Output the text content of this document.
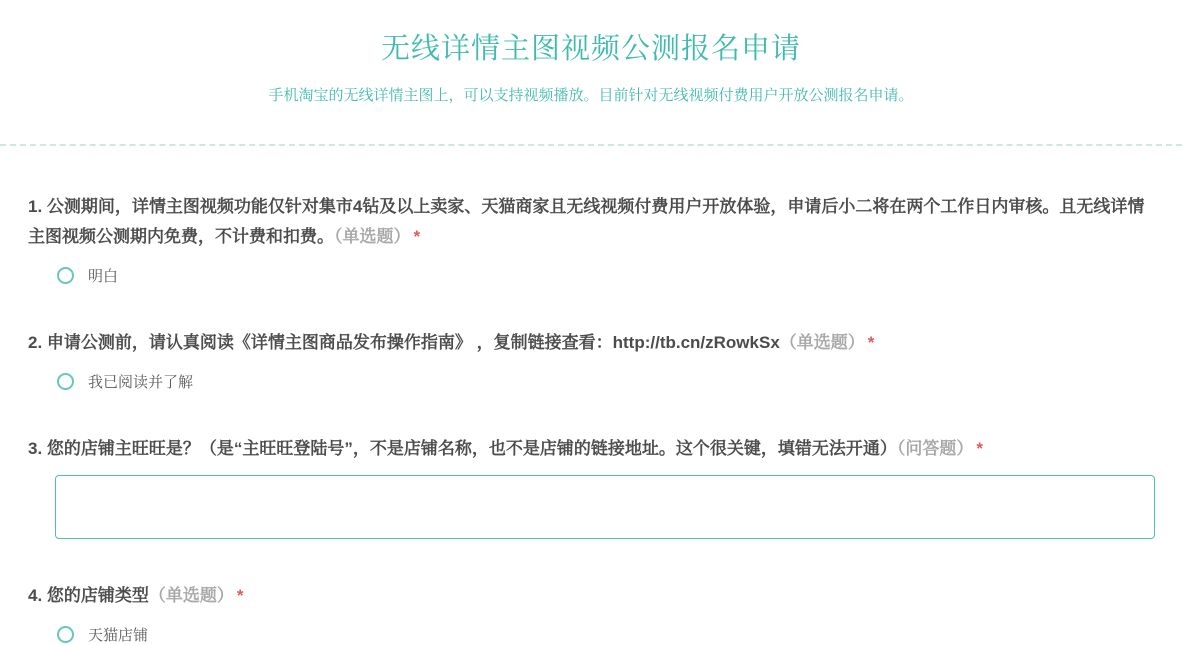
无线详情主图视频公测报名申请

手机淘宝的无线详情主图上，可以支持视频播放。目前针对无线视频付费用户开放公测报名申请。

1. 公测期间，详情主图视频功能仅针对集市4钻及以上卖家、天猫商家且无线视频付费用户开放体验，申请后小二将在两个工作日内审核。且无线详情主图视频公测期内免费，不计费和扣费。（单选题） *
明白
2. 申请公测前，请认真阅读《详情主图商品发布操作指南》 ，复制链接查看：http://tb.cn/zRowkSx（单选题） *
我已阅读并了解
3. 您的店铺主旺旺是？（是“主旺旺登陆号”，不是店铺名称，也不是店铺的链接地址。这个很关键，填错无法开通）（问答题） *
4. 您的店铺类型（单选题） *
天猫店铺
